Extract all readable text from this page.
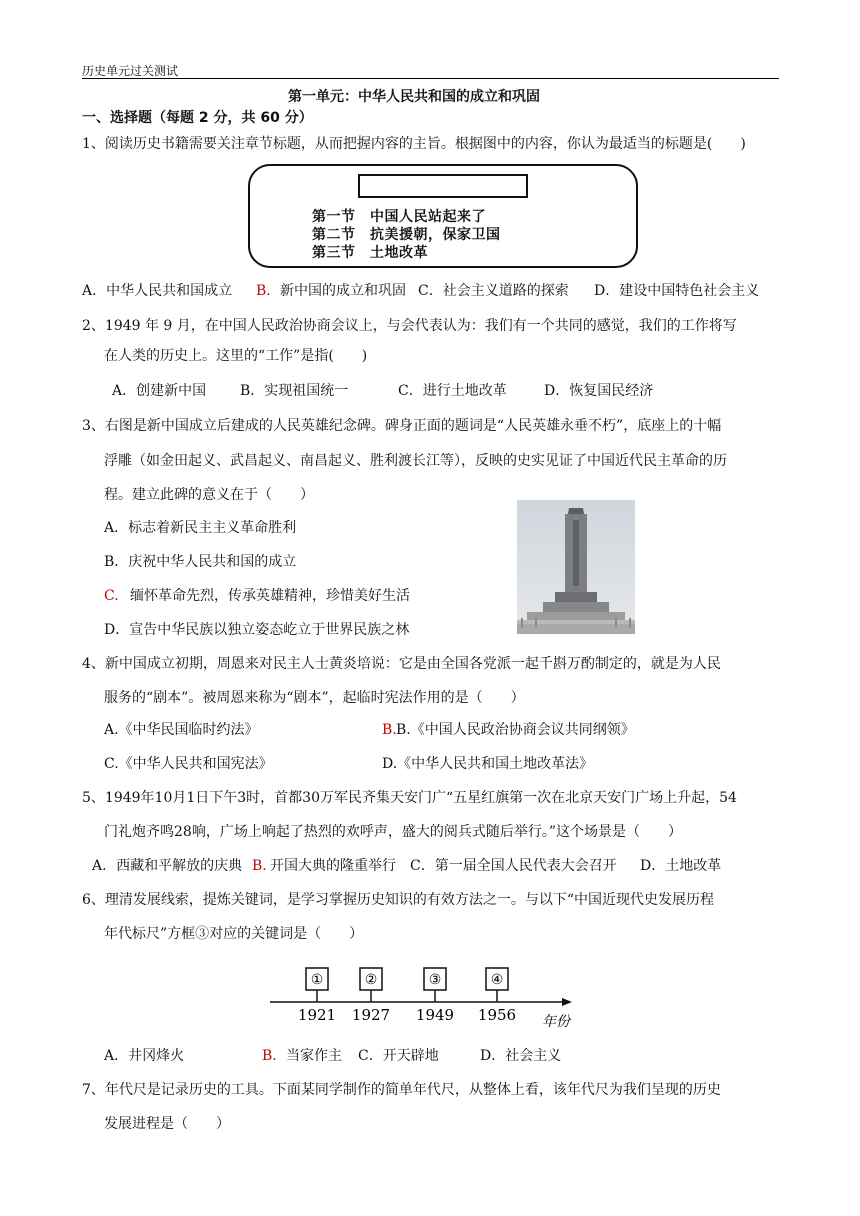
历史单元过关测试
第一单元：中华人民共和国的成立和巩固
一、选择题（每题 2 分，共 60 分）
1、阅读历史书籍需要关注章节标题，从而把握内容的主旨。根据图中的内容，你认为最适当的标题是(　　)
第一节　中国人民站起来了
第二节　抗美援朝，保家卫国
第三节　土地改革
A．中华人民共和国成立 B. 新中国的成立和巩固 C．社会主义道路的探索 D．建设中国特色社会主义
2、1949 年 9 月，在中国人民政治协商会议上，与会代表认为：我们有一个共同的感觉，我们的工作将写
在人类的历史上。这里的“工作”是指(　　)
A．创建新中国 B．实现祖国统一	C．进行土地改革	D．恢复国民经济
3、右图是新中国成立后建成的人民英雄纪念碑。碑身正面的题词是“人民英雄永垂不朽”，底座上的十幅
浮雕（如金田起义、武昌起义、南昌起义、胜利渡长江等），反映的史实见证了中国近代民主革命的历
程。建立此碑的意义在于（　　）
A．标志着新民主主义革命胜利
B．庆祝中华人民共和国的成立
C. 缅怀革命先烈，传承英雄精神，珍惜美好生活
D．宣告中华民族以独立姿态屹立于世界民族之林
4、新中国成立初期，周恩来对民主人士黄炎培说：它是由全国各党派一起千斟万酌制定的，就是为人民
服务的“剧本”。被周恩来称为“剧本”，起临时宪法作用的是（　　）
A.《中华民国临时约法》	B. B.《中国人民政治协商会议共同纲领》
C.《中华人民共和国宪法》	D.《中华人民共和国土地改革法》
5、1949年10月1日下午3时，首都30万军民齐集天安门广“五星红旗第一次在北京天安门广场上升起，54
门礼炮齐鸣28响，广场上响起了热烈的欢呼声，盛大的阅兵式随后举行。”这个场景是（　　）
A．西藏和平解放的庆典 B. 开国大典的隆重举行 C．第一届全国人民代表大会召开 D．土地改革
6、理清发展线索，提炼关键词，是学习掌握历史知识的有效方法之一。与以下“中国近现代史发展历程
年代标尺”方框③对应的关键词是（　　）
①	②	③	④
1921 1927 1949 1956 年份
A．井冈烽火	B. 当家作主 C．开天辟地	D．社会主义
7、年代尺是记录历史的工具。下面某同学制作的简单年代尺，从整体上看，该年代尺为我们呈现的历史
发展进程是（　　）
